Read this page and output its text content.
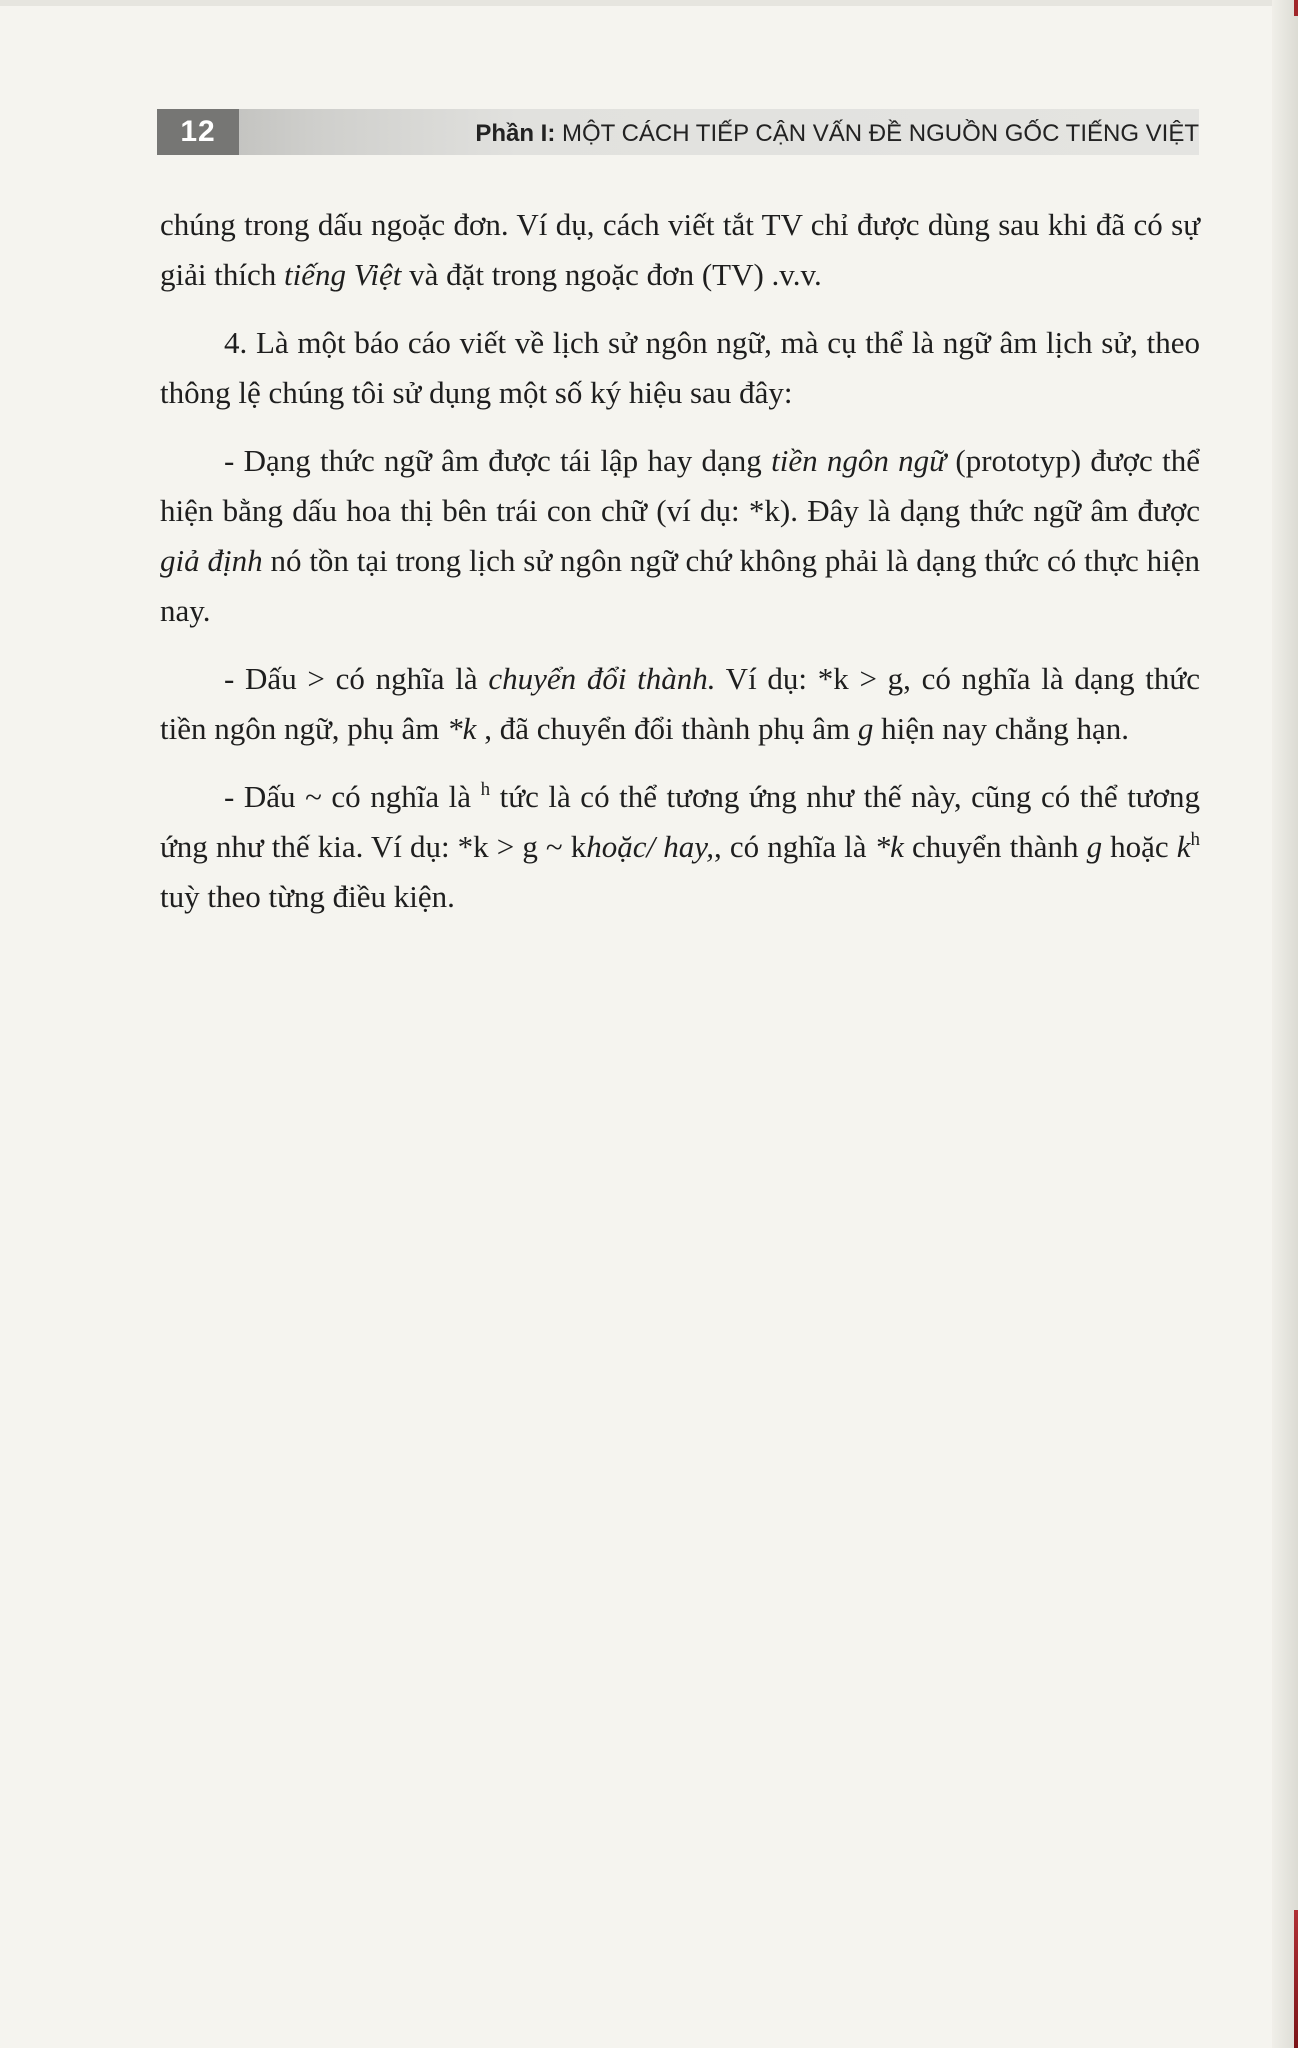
12	Phần I: MỘT CÁCH TIẾP CẬN VẤN ĐỀ NGUỒN GỐC TIẾNG VIỆT

chúng trong dấu ngoặc đơn. Ví dụ, cách viết tắt TV chỉ được dùng sau khi đã có sự giải thích tiếng Việt và đặt trong ngoặc đơn (TV) .v.v.

4. Là một báo cáo viết về lịch sử ngôn ngữ, mà cụ thể là ngữ âm lịch sử, theo thông lệ chúng tôi sử dụng một số ký hiệu sau đây:

- Dạng thức ngữ âm được tái lập hay dạng tiền ngôn ngữ (prototyp) được thể hiện bằng dấu hoa thị bên trái con chữ (ví dụ: *k). Đây là dạng thức ngữ âm được giả định nó tồn tại trong lịch sử ngôn ngữ chứ không phải là dạng thức có thực hiện nay.

- Dấu > có nghĩa là chuyển đổi thành. Ví dụ: *k > g, có nghĩa là dạng thức tiền ngôn ngữ, phụ âm *k , đã chuyển đổi thành phụ âm g hiện nay chẳng hạn.

- Dấu ~ có nghĩa là $^h$ tức là có thể tương ứng như thế này, cũng có thể tương ứng như thế kia. Ví dụ: *k > g ~ khoặc/ hay,, có nghĩa là *k chuyển thành g hoặc $k^h$ tuỳ theo từng điều kiện.
